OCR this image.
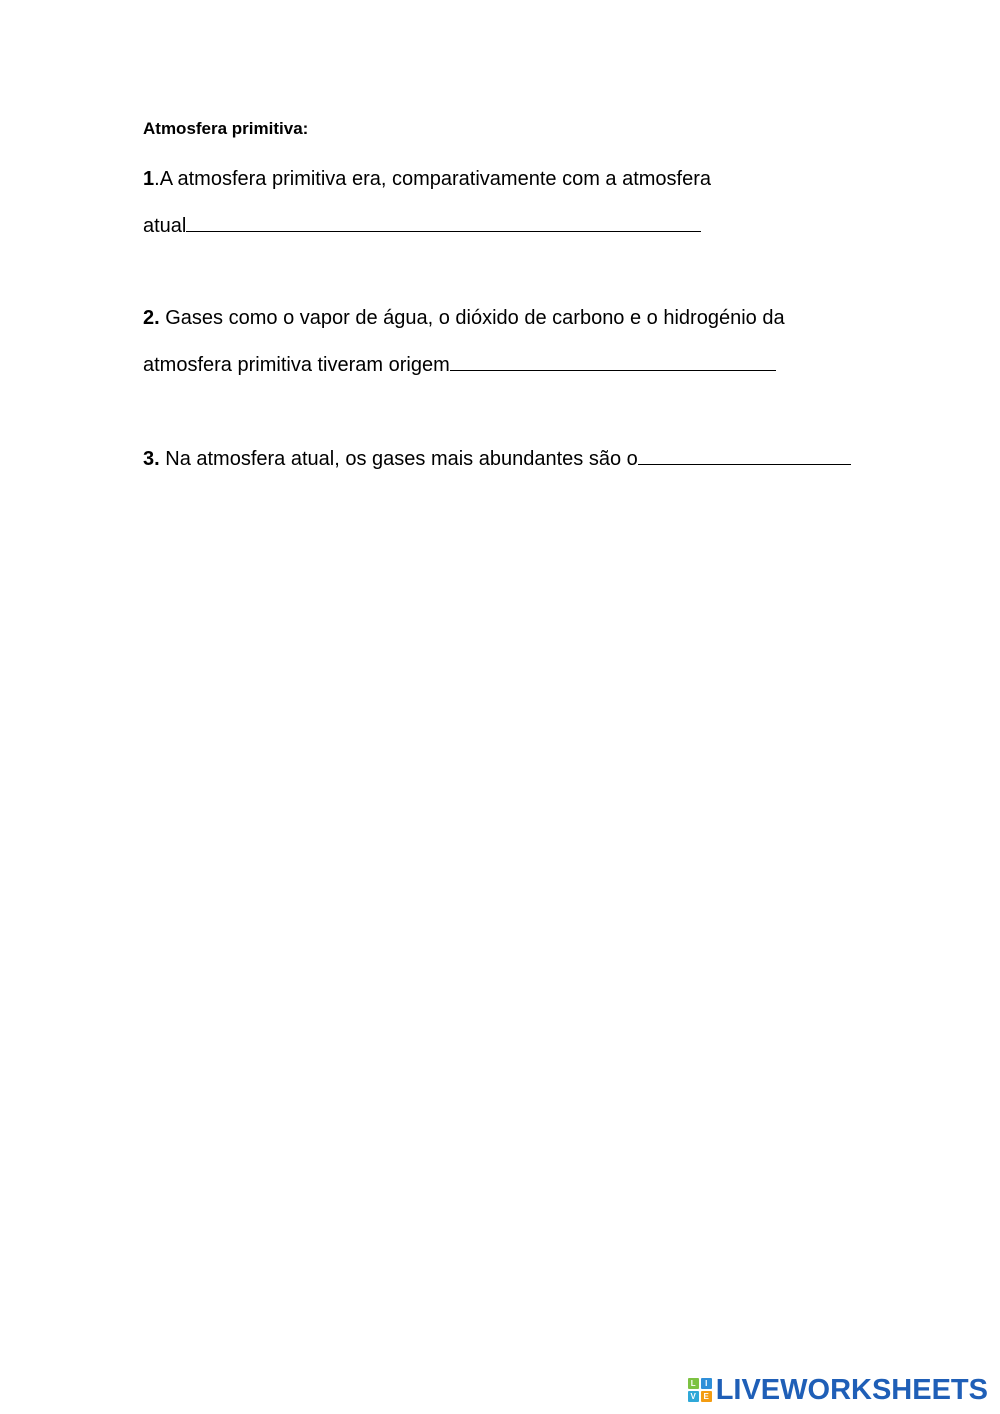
Atmosfera primitiva:
1.A atmosfera primitiva era, comparativamente com a atmosfera
atual
2. Gases como o vapor de água, o dióxido de carbono e o hidrogénio da
atmosfera primitiva tiveram origem
3. Na atmosfera atual, os gases mais abundantes são o
L	I
V E LIVEWORKSHEETS
